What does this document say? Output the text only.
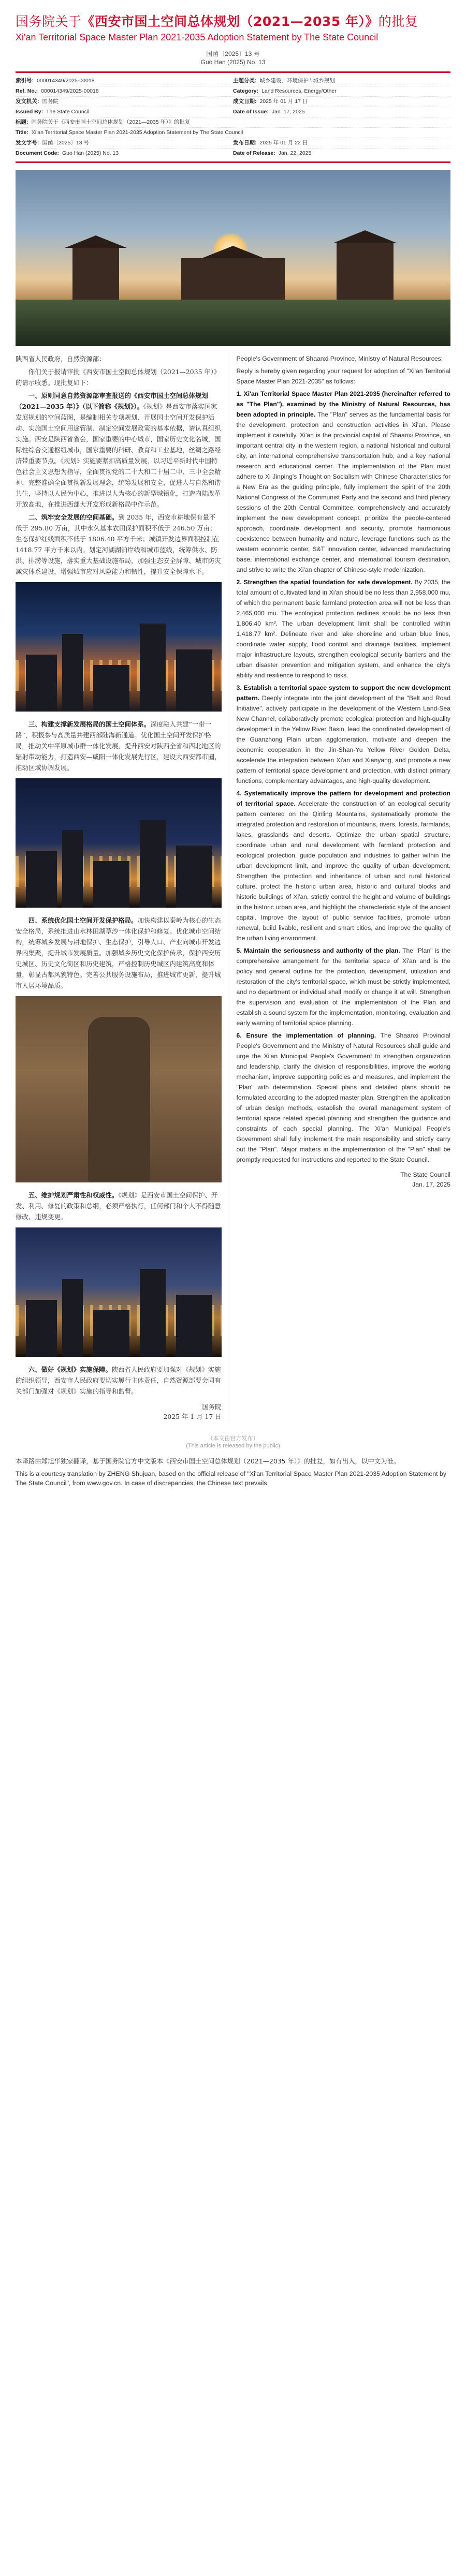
国务院关于《西安市国土空间总体规划（2021—2035 年）》的批复
Xi'an Territorial Space Master Plan 2021-2035 Adoption Statement by The State Council
国函〔2025〕13 号
Guo Han (2025) No. 13
索引号: 000014349/2025-00018	主题分类: 城乡建设、环境保护 \ 城乡规划
Ref. No.: 000014349/2025-00018	Category: Land Resources, Energy/Other
发文机关: 国务院	成文日期: 2025 年 01 月 17 日
Issued By: The State Council	Date of Issue: Jan. 17, 2025
标题: 国务院关于《西安市国土空间总体规划（2021—2035 年）》的批复
Title: Xi'an Territorial Space Master Plan 2021-2035 Adoption Statement by The State Council
发文字号: 国函〔2025〕13 号	发布日期: 2025 年 01 月 22 日
Document Code: Guo Han (2025) No. 13	Date of Release: Jan. 22, 2025

陕西省人民政府，自然资源部：

你们关于报请审批《西安市国土空间总体规划（2021—2035 年）》的请示收悉。现批复如下：

一、原则同意自然资源部审查报送的《西安市国土空间总体规划（2021—2035 年）》（以下简称《规划》）。《规划》是西安市落实国家发展规划的空间蓝图，是编制相关专项规划、开展国土空间开发保护活动、实施国土空间用途管制、制定空间发展政策的基本依据，请认真组织实施。西安是陕西省省会，国家重要的中心城市，国家历史文化名城，国际性综合交通枢纽城市，国家重要的科研、教育和工业基地，丝绸之路经济带重要节点。《规划》实施要紧扣高质量发展，以习近平新时代中国特色社会主义思想为指导，全面贯彻党的二十大和二十届二中、三中全会精神，完整准确全面贯彻新发展理念，统筹发展和安全，促进人与自然和谐共生，坚持以人民为中心，推进以人为核心的新型城镇化，打造内陆改革开放高地，在推进西部大开发形成新格局中作示范。

二、筑牢安全发展的空间基础。到 2035 年，西安市耕地保有量不低于 295.80 万亩，其中永久基本农田保护面积不低于 246.50 万亩；生态保护红线面积不低于 1806.40 平方千米；城镇开发边界面积控制在 1418.77 平方千米以内。划定河湖湖泊岸线和城市蓝线，统筹供水、防洪、排涝等设施，落实重大基础设施布局，加强生态安全屏障、城市防灾减灾体系建设，增强城市应对风险能力和韧性，提升安全保障水平。

三、构建支撑新发展格局的国土空间体系。深度融入共建“一带一路”，积极参与高质量共建西部陆海新通道。优化国土空间开发保护格局，推动关中平原城市群一体化发展，提升西安对陕西全省和西北地区的辐射带动能力，打造西安—咸阳一体化发展先行区，建设大西安都市圈，推动区域协调发展。

四、系统优化国土空间开发保护格局。加快构建以秦岭为核心的生态安全格局，系统推进山水林田湖草沙一体化保护和修复。优化城市空间结构，统筹城乡发展与耕地保护、生态保护，引导人口、产业向城市开发边界内集聚，提升城市发展质量。加强城乡历史文化保护传承，保护西安历史城区、历史文化街区和历史建筑，严格控制历史城区内建筑高度和体量，彰显古都风貌特色。完善公共服务设施布局，推进城市更新，提升城市人居环境品质。

五、维护规划严肃性和权威性。《规划》是西安市国土空间保护、开发、利用、修复的政策和总纲，必须严格执行，任何部门和个人不得随意修改、违规变更。

六、做好《规划》实施保障。陕西省人民政府要加强对《规划》实施的组织领导，西安市人民政府要切实履行主体责任，自然资源部要会同有关部门加强对《规划》实施的指导和监督。

国务院
2025 年 1 月 17 日

People's Government of Shaanxi Province, Ministry of Natural Resources:

Reply is hereby given regarding your request for adoption of "Xi'an Territorial Space Master Plan 2021-2035" as follows:

1. Xi'an Territorial Space Master Plan 2021-2035 (hereinafter referred to as "The Plan"), examined by the Ministry of Natural Resources, has been adopted in principle. The "Plan" serves as the fundamental basis for the development, protection and construction activities in Xi'an. Please implement it carefully. Xi'an is the provincial capital of Shaanxi Province, an important central city in the western region, a national historical and cultural city, an international comprehensive transportation hub, and a key national research and educational center. The implementation of the Plan must adhere to Xi Jinping's Thought on Socialism with Chinese Characteristics for a New Era as the guiding principle, fully implement the spirit of the 20th National Congress of the Communist Party and the second and third plenary sessions of the 20th Central Committee, comprehensively and accurately implement the new development concept, prioritize the people-centered approach, coordinate development and security, promote harmonious coexistence between humanity and nature, leverage functions such as the western economic center, S&T innovation center, advanced manufacturing base, international exchange center, and international tourism destination, and strive to write the Xi'an chapter of Chinese-style modernization.

2. Strengthen the spatial foundation for safe development. By 2035, the total amount of cultivated land in Xi'an should be no less than 2,958,000 mu, of which the permanent basic farmland protection area will not be less than 2,465,000 mu. The ecological protection redlines should be no less than 1,806.40 km². The urban development limit shall be controlled within 1,418.77 km². Delineate river and lake shoreline and urban blue lines, coordinate water supply, flood control and drainage facilities, implement major infrastructure layouts, strengthen ecological security barriers and the urban disaster prevention and mitigation system, and enhance the city's ability and resilience to respond to risks.

3. Establish a territorial space system to support the new development pattern. Deeply integrate into the joint development of the "Belt and Road Initiative", actively participate in the development of the Western Land-Sea New Channel, collaboratively promote ecological protection and high-quality development in the Yellow River Basin, lead the coordinated development of the Guanzhong Plain urban agglomeration, motivate and deepen the economic cooperation in the Jin-Shan-Yu Yellow River Golden Delta, accelerate the integration between Xi'an and Xianyang, and promote a new pattern of territorial space development and protection, with distinct primary functions, complementary advantages, and high-quality development.

4. Systematically improve the pattern for development and protection of territorial space. Accelerate the construction of an ecological security pattern centered on the Qinling Mountains, systematically promote the integrated protection and restoration of mountains, rivers, forests, farmlands, lakes, grasslands and deserts. Optimize the urban spatial structure, coordinate urban and rural development with farmland protection and ecological protection, guide population and industries to gather within the urban development limit, and improve the quality of urban development. Strengthen the protection and inheritance of urban and rural historical culture, protect the historic urban area, historic and cultural blocks and historic buildings of Xi'an, strictly control the height and volume of buildings in the historic urban area, and highlight the characteristic style of the ancient capital. Improve the layout of public service facilities, promote urban renewal, build livable, resilient and smart cities, and improve the quality of the urban living environment.

5. Maintain the seriousness and authority of the plan. The "Plan" is the comprehensive arrangement for the territorial space of Xi'an and is the policy and general outline for the protection, development, utilization and restoration of the city's territorial space, which must be strictly implemented, and no department or individual shall modify or change it at will. Strengthen the supervision and evaluation of the implementation of the Plan and establish a sound system for the implementation, monitoring, evaluation and early warning of territorial space planning.

6. Ensure the implementation of planning. The Shaanxi Provincial People's Government and the Ministry of Natural Resources shall guide and urge the Xi'an Municipal People's Government to strengthen organization and leadership, clarify the division of responsibilities, improve the working mechanism, improve supporting policies and measures, and implement the "Plan" with determination. Special plans and detailed plans should be formulated according to the adopted master plan. Strengthen the application of urban design methods, establish the overall management system of territorial space related special planning and strengthen the guidance and constraints of each special planning. The Xi'an Municipal People's Government shall fully implement the main responsibility and strictly carry out the "Plan". Major matters in the implementation of the "Plan" shall be promptly requested for instructions and reported to the State Council.

The State Council
Jan. 17, 2025
（本文由官方发布）
(This article is released by the public)
本译路由郑旭华独家翻译，基于国务院官方中文版本《西安市国土空间总体规划（2021—2035 年）》的批复，如有出入，以中文为准。
This is a courtesy translation by ZHENG Shujuan, based on the official release of "Xi'an Territorial Space Master Plan 2021-2035 Adoption Statement by The State Council", from www.gov.cn. In case of discrepancies, the Chinese text prevails.
